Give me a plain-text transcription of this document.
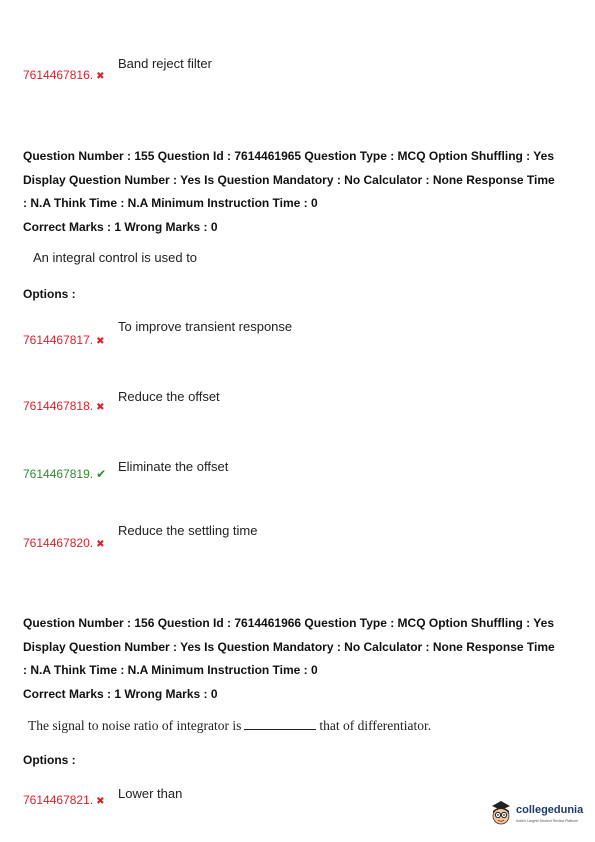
7614467816. ✖
Band reject filter
Question Number : 155 Question Id : 7614461965 Question Type : MCQ Option Shuffling : Yes
Display Question Number : Yes Is Question Mandatory : No Calculator : None Response Time
: N.A Think Time : N.A Minimum Instruction Time : 0
Correct Marks : 1 Wrong Marks : 0
An integral control is used to
Options :
7614467817. ✖
To improve transient response
7614467818. ✖
Reduce the offset
7614467819. ✔ Eliminate the offset
7614467820. ✖
Reduce the settling time
Question Number : 156 Question Id : 7614461966 Question Type : MCQ Option Shuffling : Yes
Display Question Number : Yes Is Question Mandatory : No Calculator : None Response Time
: N.A Think Time : N.A Minimum Instruction Time : 0
Correct Marks : 1 Wrong Marks : 0
The signal to noise ratio of integrator is	that of differentiator.
Options :
7614467821. ✖
Lower than
collegedunia
India's Largest Student Review Platform
